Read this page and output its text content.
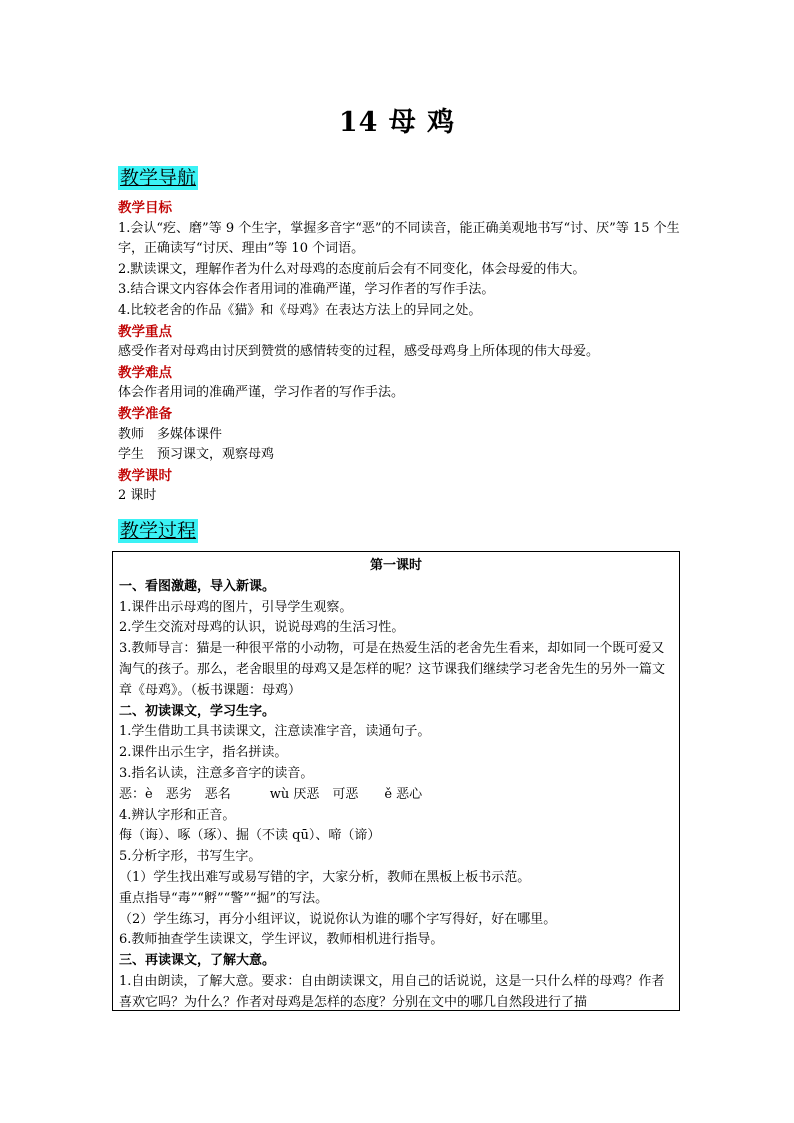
14 母 鸡
教学导航

教学目标

1.会认“疙、磨”等 9 个生字，掌握多音字“恶”的不同读音，能正确美观地书写“讨、厌”等 15 个生字，正确读写“讨厌、理由”等 10 个词语。

2.默读课文，理解作者为什么对母鸡的态度前后会有不同变化，体会母爱的伟大。

3.结合课文内容体会作者用词的准确严谨，学习作者的写作手法。

4.比较老舍的作品《猫》和《母鸡》在表达方法上的异同之处。

教学重点

感受作者对母鸡由讨厌到赞赏的感情转变的过程，感受母鸡身上所体现的伟大母爱。

教学难点

体会作者用词的准确严谨，学习作者的写作手法。

教学准备

教师　多媒体课件

学生　预习课文，观察母鸡

教学课时

2 课时

教学过程

第一课时

一、看图激趣，导入新课。

1.课件出示母鸡的图片，引导学生观察。

2.学生交流对母鸡的认识，说说母鸡的生活习性。

3.教师导言：猫是一种很平常的小动物，可是在热爱生活的老舍先生看来，却如同一个既可爱又淘气的孩子。那么，老舍眼里的母鸡又是怎样的呢？这节课我们继续学习老舍先生的另外一篇文章《母鸡》。（板书课题：母鸡）

二、初读课文，学习生字。

1.学生借助工具书读课文，注意读准字音，读通句子。

2.课件出示生字，指名拼读。

3.指名认读，注意多音字的读音。

恶：è　恶劣　恶名　　　wù 厌恶　可恶　　ě 恶心

4.辨认字形和正音。

侮（诲）、啄（琢）、掘（不读 qū）、啼（谛）

5.分析字形，书写生字。

（1）学生找出难写或易写错的字，大家分析，教师在黑板上板书示范。

重点指导“毒”“孵”“警”“掘”的写法。

（2）学生练习，再分小组评议，说说你认为谁的哪个字写得好，好在哪里。

6.教师抽查学生读课文，学生评议，教师相机进行指导。

三、再读课文，了解大意。

1.自由朗读，了解大意。要求：自由朗读课文，用自己的话说说，这是一只什么样的母鸡？作者喜欢它吗？为什么？作者对母鸡是怎样的态度？分别在文中的哪几自然段进行了描
